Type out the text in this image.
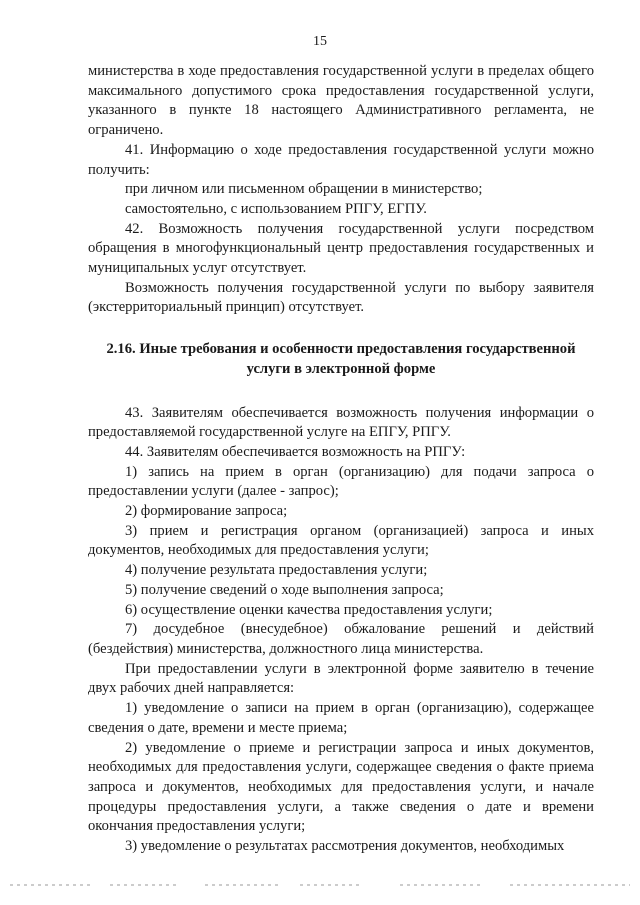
15

министерства в ходе предоставления государственной услуги в пределах общего максимального допустимого срока предоставления государственной услуги, указанного в пункте 18 настоящего Административного регламента, не ограничено.

41. Информацию о ходе предоставления государственной услуги можно получить:

при личном или письменном обращении в министерство;

самостоятельно, с использованием РПГУ, ЕГПУ.

42. Возможность получения государственной услуги посредством обращения в многофункциональный центр предоставления государственных и муниципальных услуг отсутствует.

Возможность получения государственной услуги по выбору заявителя (экстерриториальный принцип) отсутствует.

2.16. Иные требования и особенности предоставления государственной услуги в электронной форме

43. Заявителям обеспечивается возможность получения информации о предоставляемой государственной услуге на ЕПГУ, РПГУ.

44. Заявителям обеспечивается возможность на РПГУ:

1) запись на прием в орган (организацию) для подачи запроса о предоставлении услуги (далее - запрос);

2) формирование запроса;

3) прием и регистрация органом (организацией) запроса и иных документов, необходимых для предоставления услуги;

4) получение результата предоставления услуги;

5) получение сведений о ходе выполнения запроса;

6) осуществление оценки качества предоставления услуги;

7) досудебное (внесудебное) обжалование решений и действий (бездействия) министерства, должностного лица министерства.

При предоставлении услуги в электронной форме заявителю в течение двух рабочих дней направляется:

1) уведомление о записи на прием в орган (организацию), содержащее сведения о дате, времени и месте приема;

2) уведомление о приеме и регистрации запроса и иных документов, необходимых для предоставления услуги, содержащее сведения о факте приема запроса и документов, необходимых для предоставления услуги, и начале процедуры предоставления услуги, а также сведения о дате и времени окончания предоставления услуги;

3) уведомление о результатах рассмотрения документов, необходимых
